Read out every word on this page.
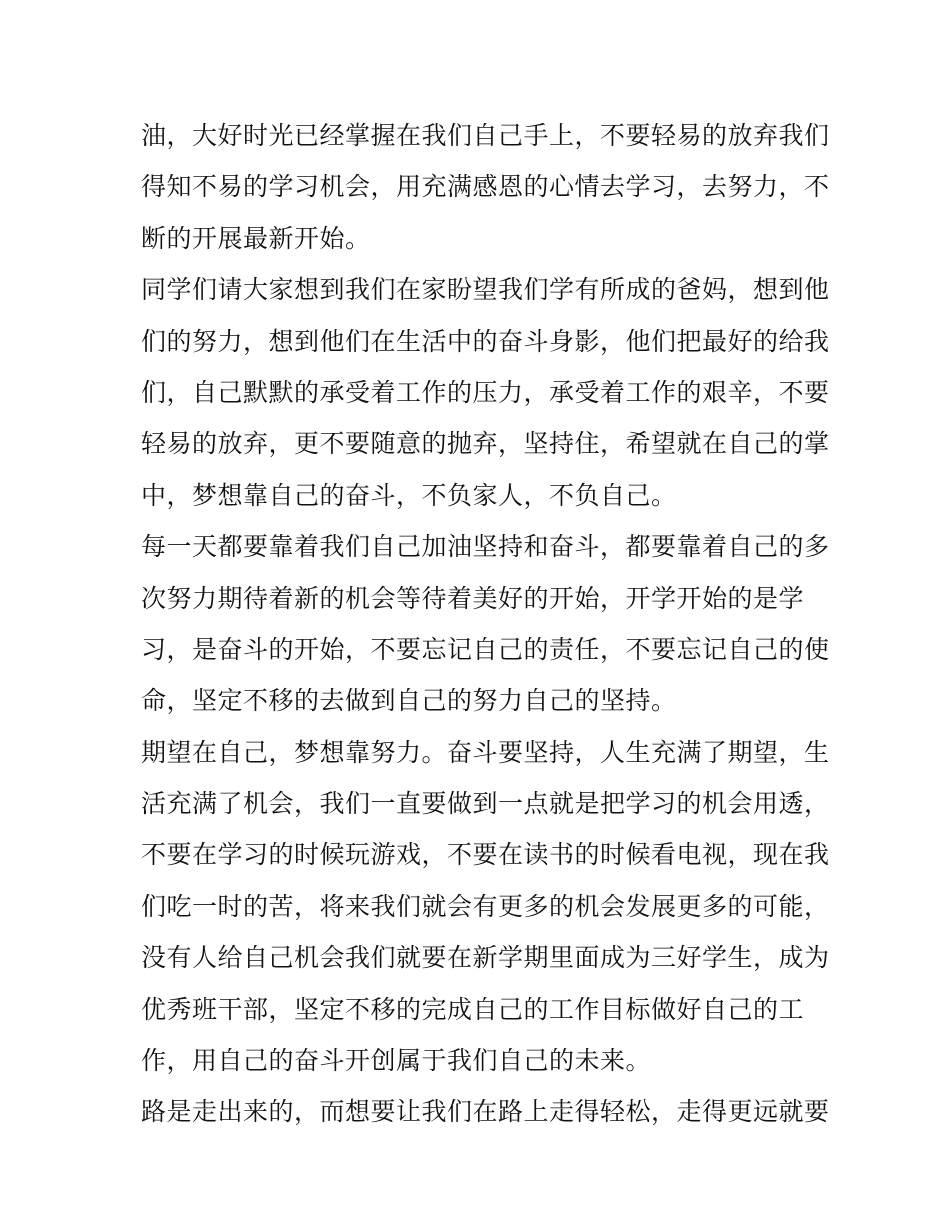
油，大好时光已经掌握在我们自己手上，不要轻易的放弃我们
得知不易的学习机会，用充满感恩的心情去学习，去努力，不
断的开展最新开始。
同学们请大家想到我们在家盼望我们学有所成的爸妈，想到他
们的努力，想到他们在生活中的奋斗身影，他们把最好的给我
们，自己默默的承受着工作的压力，承受着工作的艰辛，不要
轻易的放弃，更不要随意的抛弃，坚持住，希望就在自己的掌
中，梦想靠自己的奋斗，不负家人，不负自己。
每一天都要靠着我们自己加油坚持和奋斗，都要靠着自己的多
次努力期待着新的机会等待着美好的开始，开学开始的是学
习，是奋斗的开始，不要忘记自己的责任，不要忘记自己的使
命，坚定不移的去做到自己的努力自己的坚持。
期望在自己，梦想靠努力。奋斗要坚持，人生充满了期望，生
活充满了机会，我们一直要做到一点就是把学习的机会用透，
不要在学习的时候玩游戏，不要在读书的时候看电视，现在我
们吃一时的苦，将来我们就会有更多的机会发展更多的可能，
没有人给自己机会我们就要在新学期里面成为三好学生，成为
优秀班干部，坚定不移的完成自己的工作目标做好自己的工
作，用自己的奋斗开创属于我们自己的未来。
路是走出来的，而想要让我们在路上走得轻松，走得更远就要
